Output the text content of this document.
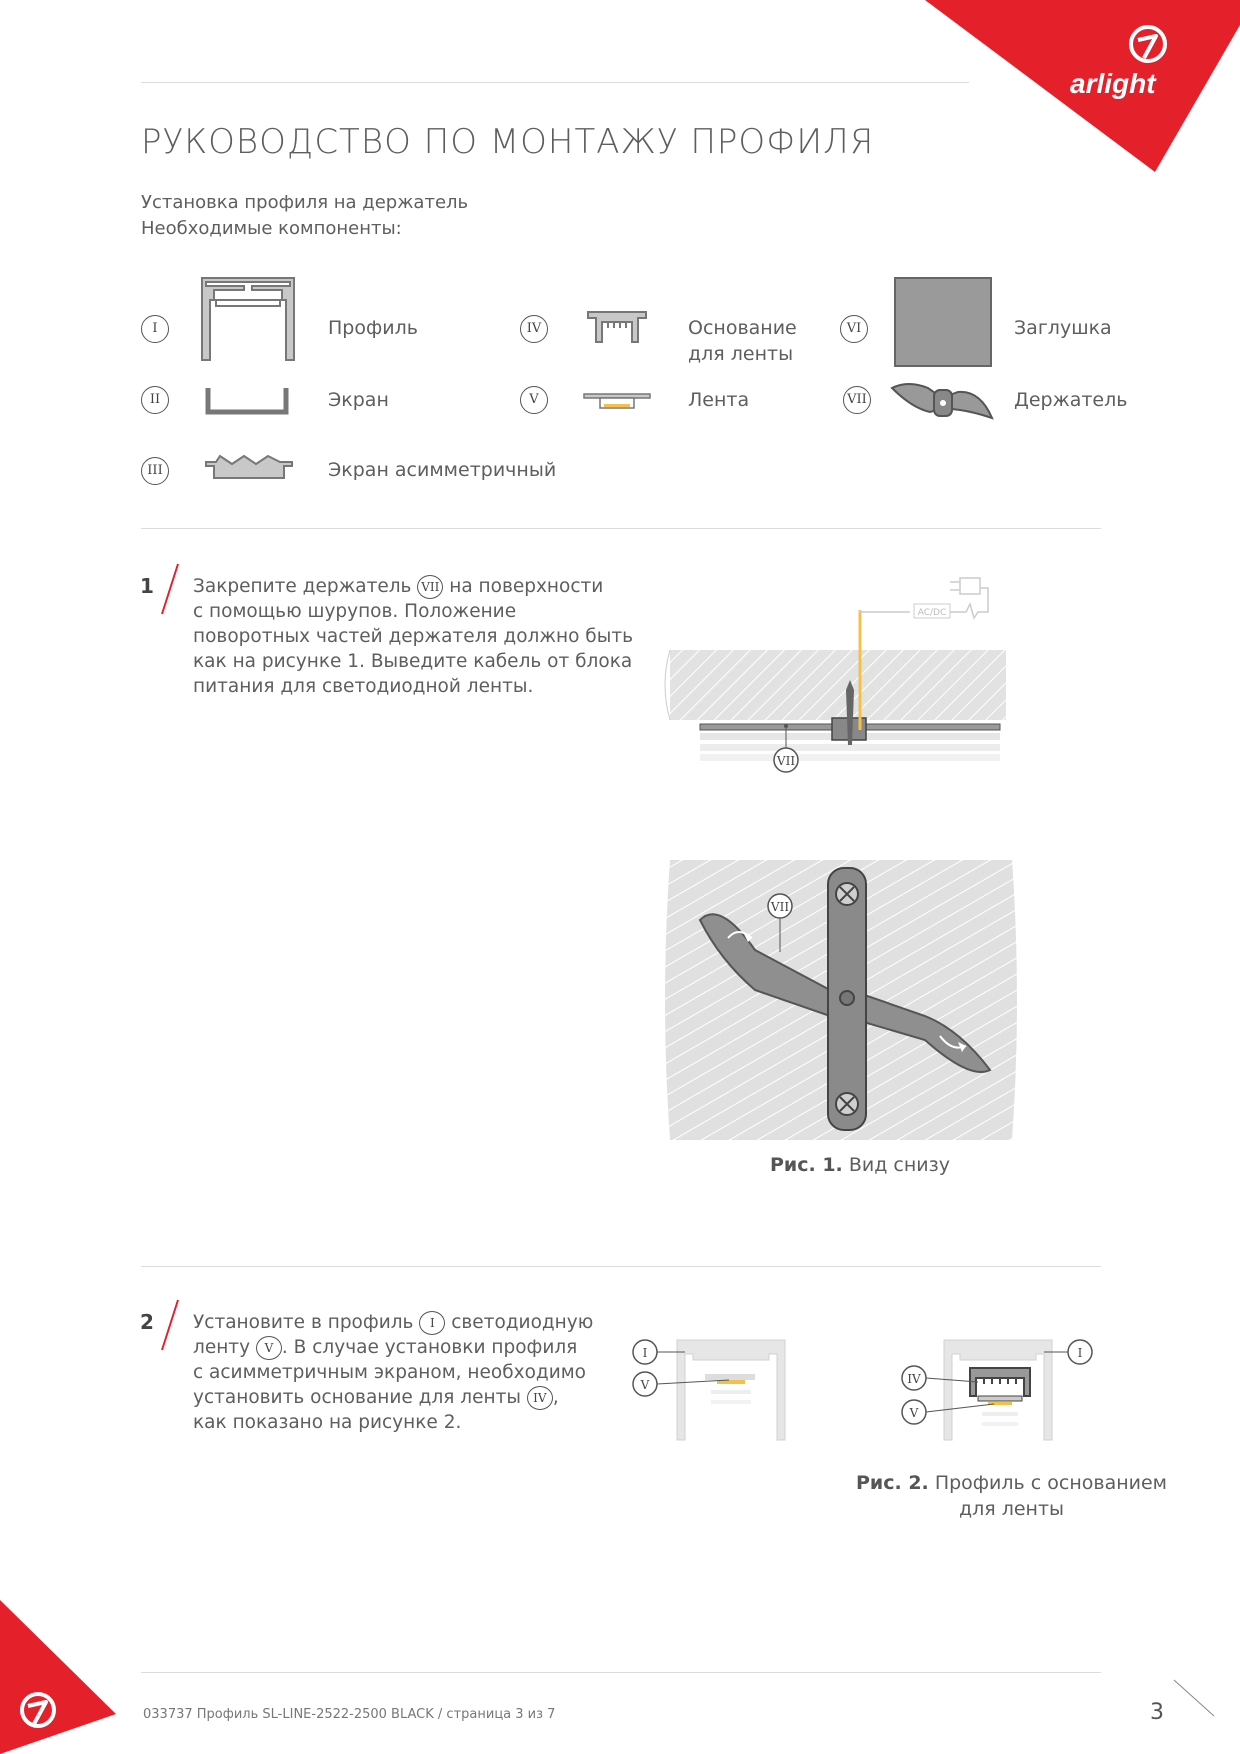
arlight
РУКОВОДСТВО ПО МОНТАЖУ ПРОФИЛЯ
Установка профиля на держатель
Необходимые компоненты:
I	Профиль
II	Экран
III	Экран асимметричный
IV	Основание
для ленты
V	Лента
VI	Заглушка
VII	Держатель
1 Закрепите держатель VII на поверхности
с помощью шурупов. Положение
поворотных частей держателя должно быть
как на рисунке 1. Выведите кабель от блока
питания для светодиодной ленты.
AC/DC
VII
VII
Рис. 1. Вид снизу
2 Установите в профиль I светодиодную
ленту V . В случае установки профиля
с асимметричным экраном, необходимо
установить основание для ленты IV ,
как показано на рисунке 2.
I
V	IV
V
I
Рис. 2. Профиль с основанием
для ленты
033737 Профиль SL-LINE-2522-2500 BLACK / страница 3 из 7	3
